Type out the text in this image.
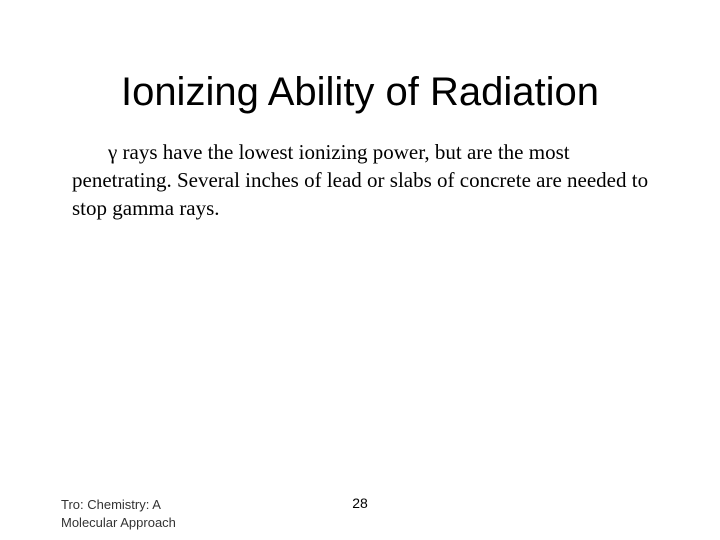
Ionizing Ability of Radiation

γ rays have the lowest ionizing power, but are the most penetrating. Several inches of lead or slabs of concrete are needed to stop gamma rays.

Tro: Chemistry: A
Molecular Approach
28
